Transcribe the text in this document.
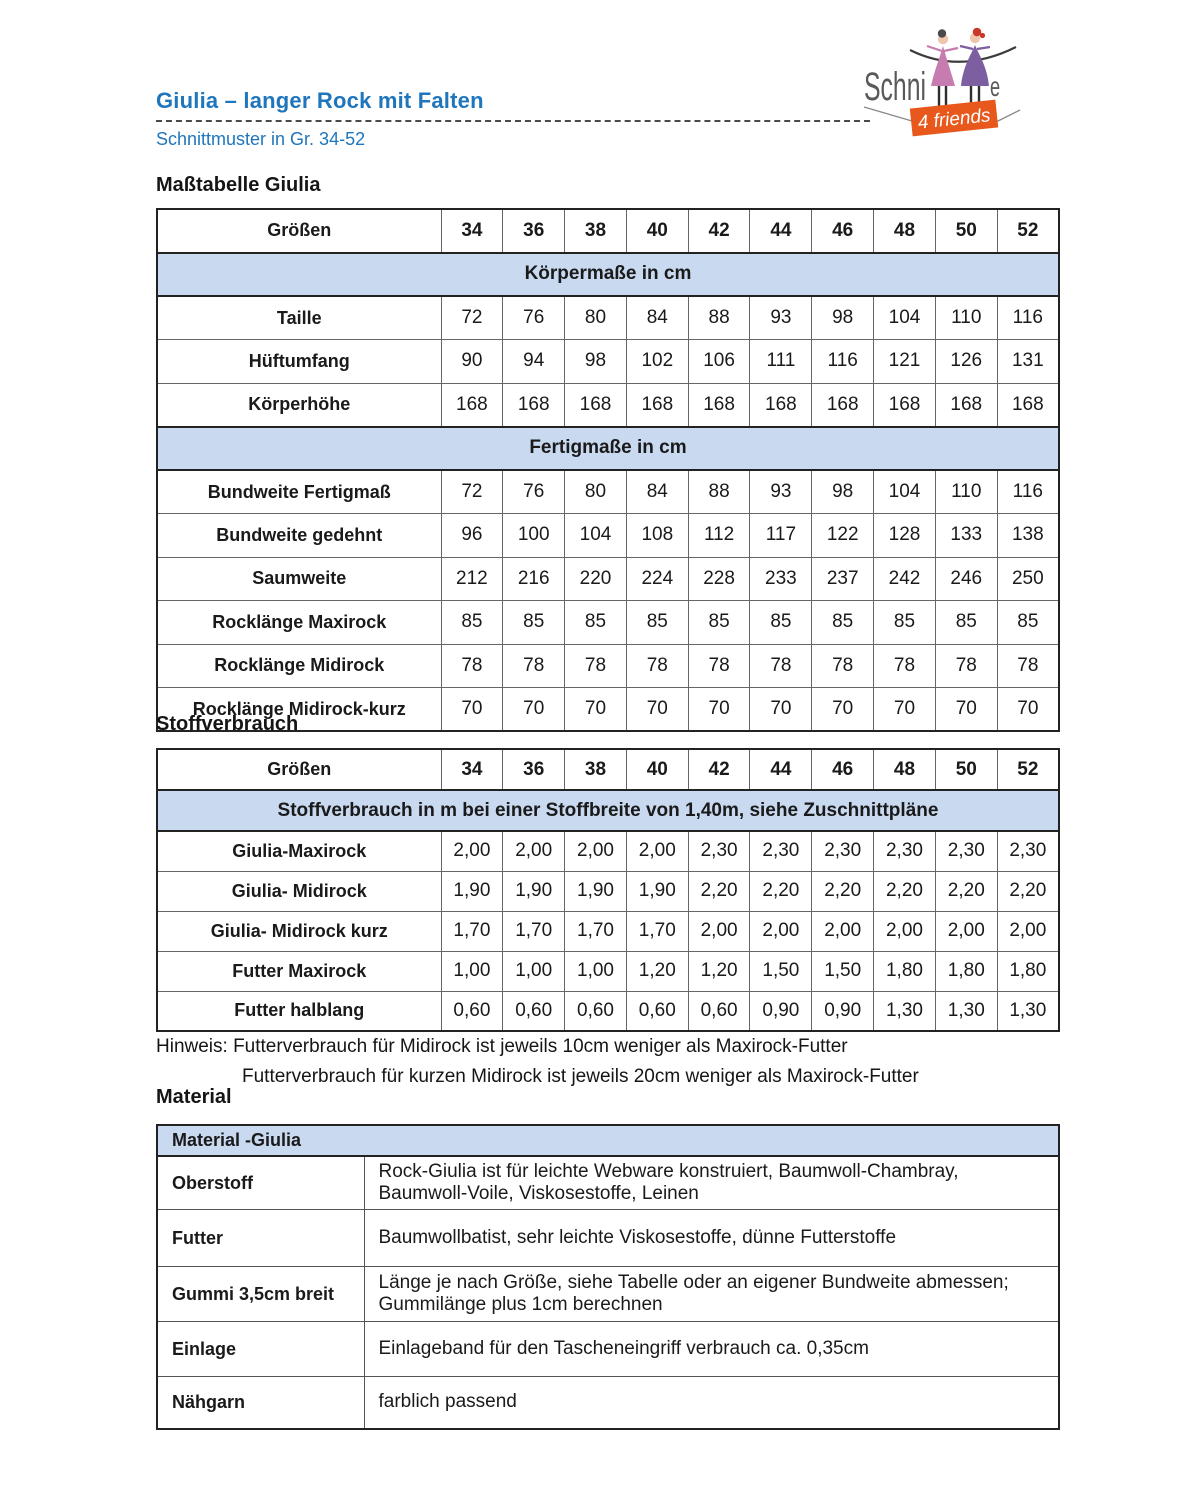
Giulia – langer Rock mit Falten
Schnittmuster in Gr. 34-52
4 friends
Schni e
Maßtabelle Giulia
Größen	34	36	38	40	42	44	46	48	50	52
Körpermaße in cm										
Taille	72	76	80	84	88	93	98	104	110	116
Hüftumfang	90	94	98	102	106	111	116	121	126	131
Körperhöhe	168	168	168	168	168	168	168	168	168	168
Fertigmaße in cm										
Bundweite Fertigmaß	72	76	80	84	88	93	98	104	110	116
Bundweite gedehnt	96	100	104	108	112	117	122	128	133	138
Saumweite	212	216	220	224	228	233	237	242	246	250
Rocklänge Maxirock	85	85	85	85	85	85	85	85	85	85
Rocklänge Midirock	78	78	78	78	78	78	78	78	78	78
Rocklänge Midirock-kurz	70	70	70	70	70	70	70	70	70	70
Stoffverbrauch
Größen	34	36	38	40	42	44	46	48	50	52
Stoffverbrauch in m bei einer Stoffbreite von 1,40m, siehe Zuschnittpläne										
Giulia-Maxirock	2,00	2,00	2,00	2,00	2,30	2,30	2,30	2,30	2,30	2,30
Giulia- Midirock	1,90	1,90	1,90	1,90	2,20	2,20	2,20	2,20	2,20	2,20
Giulia- Midirock kurz	1,70	1,70	1,70	1,70	2,00	2,00	2,00	2,00	2,00	2,00
Futter Maxirock	1,00	1,00	1,00	1,20	1,20	1,50	1,50	1,80	1,80	1,80
Futter halblang	0,60	0,60	0,60	0,60	0,60	0,90	0,90	1,30	1,30	1,30
Hinweis: Futterverbrauch für Midirock ist jeweils 10cm weniger als Maxirock-Futter
Futterverbrauch für kurzen Midirock ist jeweils 20cm weniger als Maxirock-Futter
Material
Material -Giulia	
Oberstoff	Rock-Giulia ist für leichte Webware konstruiert, Baumwoll-Chambray, Baumwoll-Voile, Viskosestoffe, Leinen
Futter	Baumwollbatist, sehr leichte Viskosestoffe, dünne Futterstoffe
Gummi 3,5cm breit	Länge je nach Größe, siehe Tabelle oder an eigener Bundweite abmessen; Gummilänge plus 1cm berechnen
Einlage	Einlageband für den Tascheneingriff verbrauch ca. 0,35cm
Nähgarn	farblich passend
